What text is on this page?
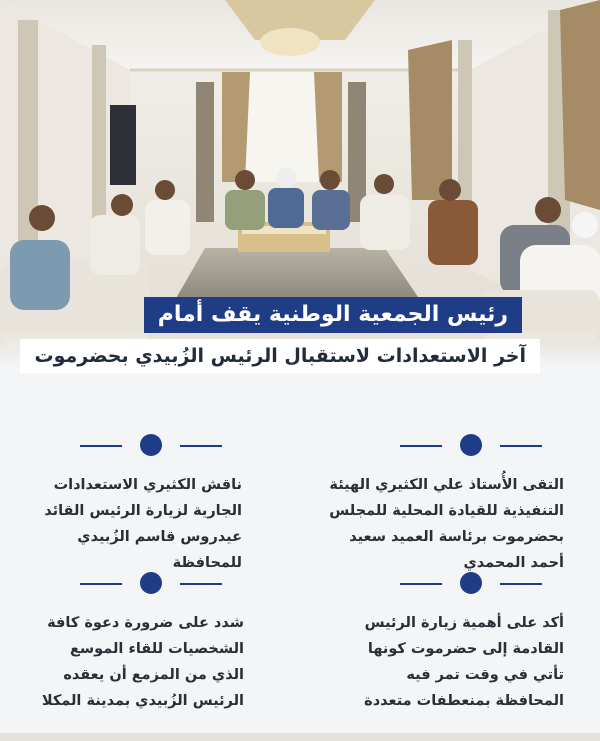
رئيس الجمعية الوطنية يقف أمام
آخر الاستعدادات لاستقبال الرئيس الزُبيدي بحضرموت
التقى الأُستاذ علي الكثيري الهيئة التنفيذية للقيادة المحلية للمجلس بحضرموت برئاسة العميد سعيد أحمد المحمدي
ناقش الكثيري الاستعدادات الجارية لزيارة الرئيس القائد عيدروس قاسم الزُبيدي للمحافظة
أكد على أهمية زيارة الرئيس القادمة إلى حضرموت كونها تأتي في وقت تمر فيه المحافظة بمنعطفات متعددة
شدد على ضرورة دعوة كافة الشخصيات للقاء الموسع الذي من المزمع أن يعقده الرئيس الزُبيدي بمدينة المكلا
